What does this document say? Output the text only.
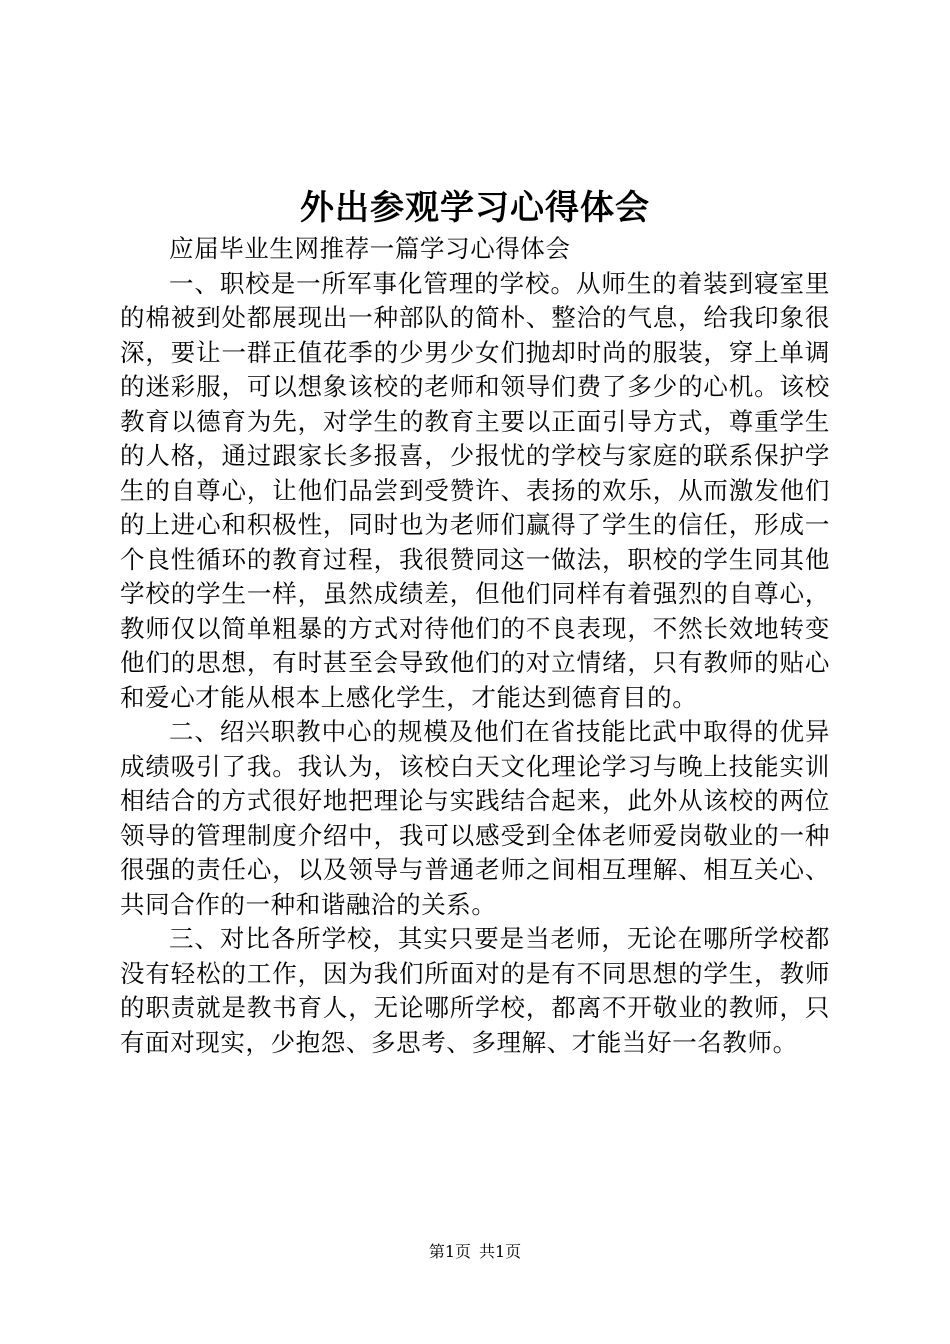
外出参观学习心得体会

应届毕业生网推荐一篇学习心得体会

一、职校是一所军事化管理的学校。从师生的着装到寝室里的棉被到处都展现出一种部队的简朴、整洽的气息，给我印象很深，要让一群正值花季的少男少女们抛却时尚的服装，穿上单调的迷彩服，可以想象该校的老师和领导们费了多少的心机。该校教育以德育为先，对学生的教育主要以正面引导方式，尊重学生的人格，通过跟家长多报喜，少报忧的学校与家庭的联系保护学生的自尊心，让他们品尝到受赞许、表扬的欢乐，从而激发他们的上进心和积极性，同时也为老师们赢得了学生的信任，形成一个良性循环的教育过程，我很赞同这一做法，职校的学生同其他学校的学生一样，虽然成绩差，但他们同样有着强烈的自尊心，教师仅以简单粗暴的方式对待他们的不良表现，不然长效地转变他们的思想，有时甚至会导致他们的对立情绪，只有教师的贴心和爱心才能从根本上感化学生，才能达到德育目的。

二、绍兴职教中心的规模及他们在省技能比武中取得的优异成绩吸引了我。我认为，该校白天文化理论学习与晚上技能实训相结合的方式很好地把理论与实践结合起来，此外从该校的两位领导的管理制度介绍中，我可以感受到全体老师爱岗敬业的一种很强的责任心，以及领导与普通老师之间相互理解、相互关心、共同合作的一种和谐融洽的关系。

三、对比各所学校，其实只要是当老师，无论在哪所学校都没有轻松的工作，因为我们所面对的是有不同思想的学生，教师的职责就是教书育人，无论哪所学校，都离不开敬业的教师，只有面对现实，少抱怨、多思考、多理解、才能当好一名教师。

第1页 共1页
